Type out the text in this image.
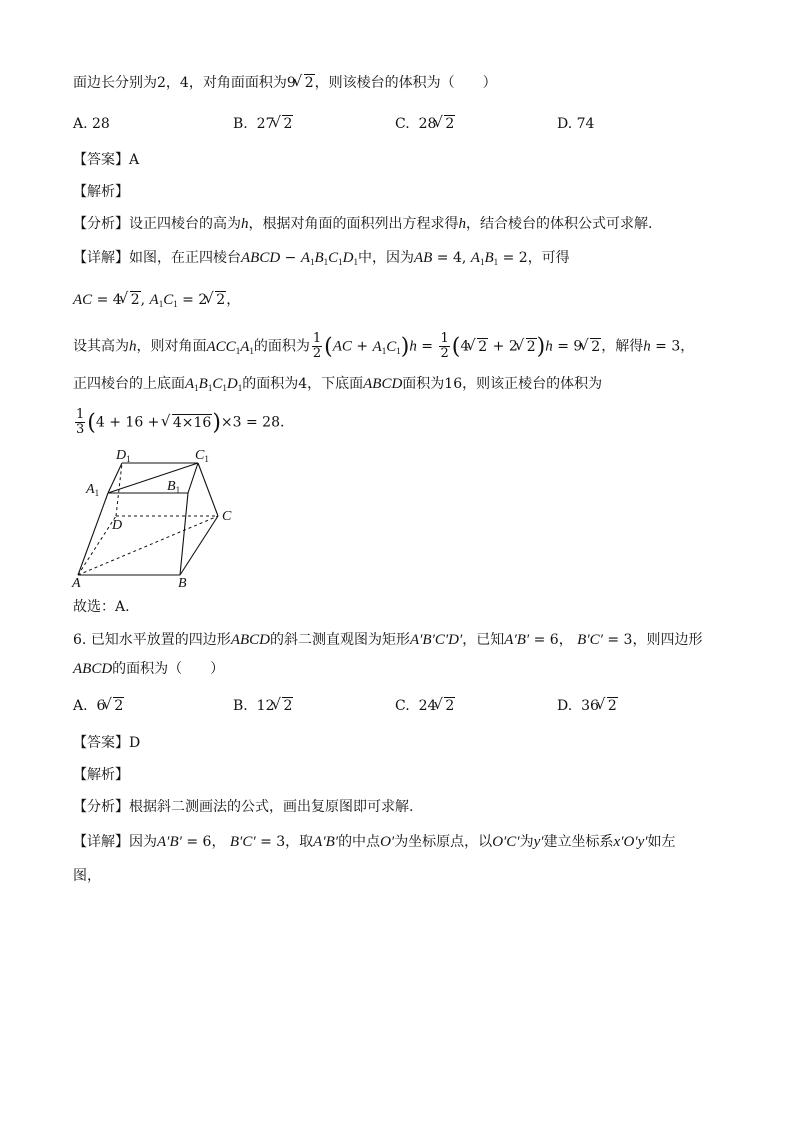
面边长分别为2，4，对角面面积为9√ 2，则该棱台的体积为（　　）
A. 28	B. 27√ 2	C. 28√ 2	D. 74
【答案】A
【解析】
【分析】设正四棱台的高为h，根据对角面的面积列出方程求得h，结合棱台的体积公式可求解.
【详解】如图，在正四棱台ABCD − $A_1B_1C_1D_1$中，因为AB = 4, $A_1B_1 = 2$，可得
AC = 4√ 2, $A_1C_1 = 2√$ 2，
设其高为h，则对角面$ACC_1A_1$的面积为 $\frac{1}{2} (AC + A_1C_1)h = \frac{1}{2} (4√$ 2 + 2√ 2)h = 9√ 2，解得h = 3，
正四棱台的上底面$A_1B_1C_1D_1$的面积为4，下底面ABCD面积为16，则该正棱台的体积为
$\frac{1}{3} (4 + 16$ + √ 4×16)×3 = 28.
$D_1$	$C_1$
$A_1$	$B_1$
D
C
A	B
故选：A.
6. 已知水平放置的四边形ABCD的斜二测直观图为矩形A′B′C′D′，已知A′B′ = 6， B′C′ = 3，则四边形
ABCD的面积为（　　）
A. 6√ 2	B. 12√ 2	C. 24√ 2	D. 36√ 2
【答案】D
【解析】
【分析】根据斜二测画法的公式，画出复原图即可求解.
【详解】因为A′B′ = 6， B′C′ = 3，取A′B′的中点O′为坐标原点，以O′C′为y′建立坐标系x′O′y′如左
图，
